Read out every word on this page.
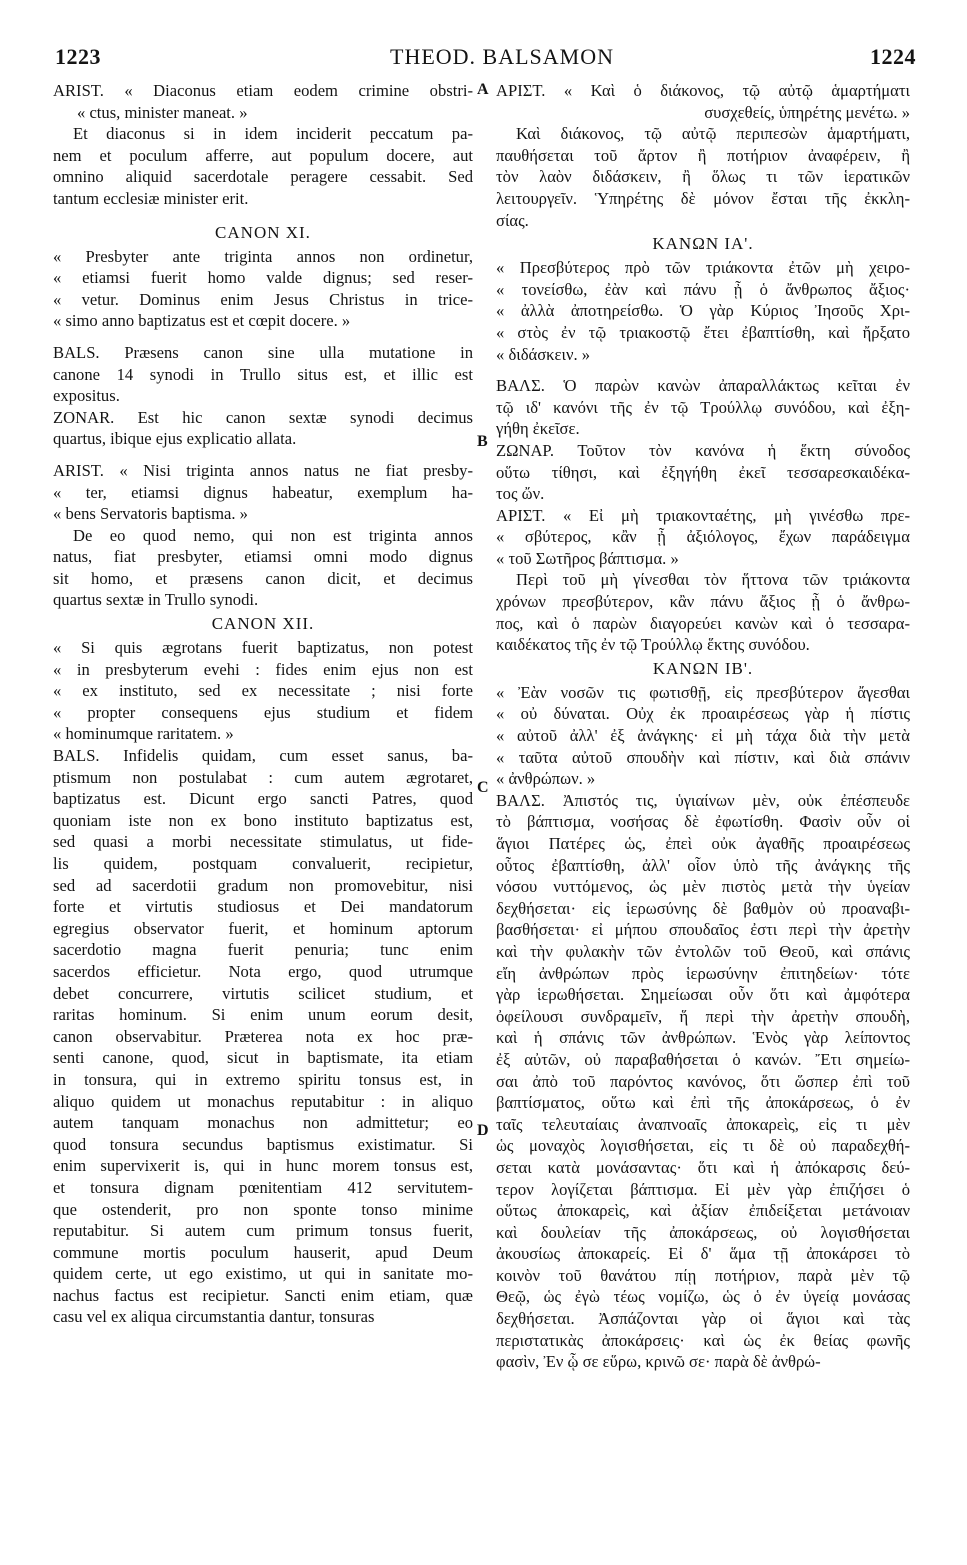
1223	THEOD. BALSAMON	1224
A
B
C
D
ARIST. « Diaconus etiam eodem crimine obstri-
« ctus, minister maneat. »
Et diaconus si in idem inciderit peccatum pa-
nem et poculum afferre, aut populum docere, aut
omnino aliquid sacerdotale peragere cessabit. Sed
tantum ecclesiæ minister erit.
CANON XI.
« Presbyter ante triginta annos non ordinetur,
« etiamsi fuerit homo valde dignus; sed reser-
« vetur. Dominus enim Jesus Christus in trice-
« simo anno baptizatus est et cœpit docere. »
BALS. Præsens canon sine ulla mutatione in
canone 14 synodi in Trullo situs est, et illic est
expositus.
ZONAR. Est hic canon sextæ synodi decimus
quartus, ibique ejus explicatio allata.
ARIST. « Nisi triginta annos natus ne fiat presby-
« ter, etiamsi dignus habeatur, exemplum ha-
« bens Servatoris baptisma. »
De eo quod nemo, qui non est triginta annos
natus, fiat presbyter, etiamsi omni modo dignus
sit homo, et præsens canon dicit, et decimus
quartus sextæ in Trullo synodi.
CANON XII.
« Si quis ægrotans fuerit baptizatus, non potest
« in presbyterum evehi : fides enim ejus non est
« ex instituto, sed ex necessitate ; nisi forte
« propter consequens ejus studium et fidem
« hominumque raritatem. »
BALS. Infidelis quidam, cum esset sanus, ba-
ptismum non postulabat : cum autem ægrotaret,
baptizatus est. Dicunt ergo sancti Patres, quod
quoniam iste non ex bono instituto baptizatus est,
sed quasi a morbi necessitate stimulatus, ut fide-
lis quidem, postquam convaluerit, recipietur,
sed ad sacerdotii gradum non promovebitur, nisi
forte et virtutis studiosus et Dei mandatorum
egregius observator fuerit, et hominum aptorum
sacerdotio magna fuerit penuria; tunc enim
sacerdos efficietur. Nota ergo, quod utrumque
debet concurrere, virtutis scilicet studium, et
raritas hominum. Si enim unum eorum desit,
canon observabitur. Præterea nota ex hoc præ-
senti canone, quod, sicut in baptismate, ita etiam
in tonsura, qui in extremo spiritu tonsus est, in
aliquo quidem ut monachus reputabitur : in aliquo
autem tanquam monachus non admittetur; eo
quod tonsura secundus baptismus existimatur. Si
enim supervixerit is, qui in hunc morem tonsus est,
et tonsura dignam pœnitentiam 412 servitutem-
que ostenderit, pro non sponte tonso minime
reputabitur. Si autem cum primum tonsus fuerit,
commune mortis poculum hauserit, apud Deum
quidem certe, ut ego existimo, ut qui in sanitate mo-
nachus factus est recipietur. Sancti enim etiam, quæ
casu vel ex aliqua circumstantia dantur, tonsuras
ΑΡΙΣΤ. « Καὶ ὁ διάκονος, τῷ αὐτῷ ἁμαρτήματι
συσχεθείς, ὑπηρέτης μενέτω. »
Καὶ διάκονος, τῷ αὐτῷ περιπεσὼν ἁμαρτήματι,
παυθήσεται τοῦ ἄρτον ἢ ποτήριον ἀναφέρειν, ἢ
τὸν λαὸν διδάσκειν, ἢ ὅλως τι τῶν ἱερατικῶν
λειτουργεῖν. Ὑπηρέτης δὲ μόνον ἔσται τῆς ἐκκλη-
σίας.
ΚΑΝΩΝ ΙΑ'.
« Πρεσβύτερος πρὸ τῶν τριάκοντα ἐτῶν μὴ χειρο-
« τονείσθω, ἐὰν καὶ πάνυ ᾖ ὁ ἄνθρωπος ἄξιος·
« ἀλλὰ ἀποτηρείσθω. Ὁ γὰρ Κύριος Ἰησοῦς Χρι-
« στὸς ἐν τῷ τριακοστῷ ἔτει ἐβαπτίσθη, καὶ ἤρξατο
« διδάσκειν. »
ΒΑΛΣ. Ὁ παρὼν κανὼν ἀπαραλλάκτως κεῖται ἐν
τῷ ιδ' κανόνι τῆς ἐν τῷ Τρούλλῳ συνόδου, καὶ ἐξη-
γήθη ἐκεῖσε.
ΖΩΝΑΡ. Τοῦτον τὸν κανόνα ἡ ἕκτη σύνοδος
οὕτω τίθησι, καὶ ἐξηγήθη ἐκεῖ τεσσαρεσκαιδέκα-
τος ὤν.
ΑΡΙΣΤ. « Εἰ μὴ τριακονταέτης, μὴ γινέσθω πρε-
« σβύτερος, κἂν ᾖ ἀξιόλογος, ἔχων παράδειγμα
« τοῦ Σωτῆρος βάπτισμα. »
Περὶ τοῦ μὴ γίνεσθαι τὸν ἥττονα τῶν τριάκοντα
χρόνων πρεσβύτερον, κἂν πάνυ ἄξιος ᾖ ὁ ἄνθρω-
πος, καὶ ὁ παρὼν διαγορεύει κανὼν καὶ ὁ τεσσαρα-
καιδέκατος τῆς ἐν τῷ Τρούλλῳ ἕκτης συνόδου.
ΚΑΝΩΝ ΙΒ'.
« Ἐὰν νοσῶν τις φωτισθῇ, εἰς πρεσβύτερον ἄγεσθαι
« οὐ δύναται. Οὐχ ἐκ προαιρέσεως γὰρ ἡ πίστις
« αὐτοῦ ἀλλ' ἐξ ἀνάγκης· εἰ μὴ τάχα διὰ τὴν μετὰ
« ταῦτα αὐτοῦ σπουδὴν καὶ πίστιν, καὶ διὰ σπάνιν
« ἀνθρώπων. »
ΒΑΛΣ. Ἀπιστός τις, ὑγιαίνων μὲν, οὐκ ἐπέσπευδε
τὸ βάπτισμα, νοσήσας δὲ ἐφωτίσθη. Φασὶν οὖν οἱ
ἅγιοι Πατέρες ὡς, ἐπεὶ οὐκ ἀγαθῆς προαιρέσεως
οὗτος ἐβαπτίσθη, ἀλλ' οἷον ὑπὸ τῆς ἀνάγκης τῆς
νόσου νυττόμενος, ὡς μὲν πιστὸς μετὰ τὴν ὑγείαν
δεχθήσεται· εἰς ἱερωσύνης δὲ βαθμὸν οὐ προαναβι-
βασθήσεται· εἰ μήπου σπουδαῖος ἐστι περὶ τὴν ἀρετὴν
καὶ τὴν φυλακὴν τῶν ἐντολῶν τοῦ Θεοῦ, καὶ σπάνις
εἴη ἀνθρώπων πρὸς ἱερωσύνην ἐπιτηδείων· τότε
γὰρ ἱερωθήσεται. Σημείωσαι οὖν ὅτι καὶ ἀμφότερα
ὀφείλουσι συνδραμεῖν, ἥ περὶ τὴν ἀρετὴν σπουδὴ,
καὶ ἡ σπάνις τῶν ἀνθρώπων. Ἑνὸς γὰρ λείποντος
ἐξ αὐτῶν, οὐ παραβαθήσεται ὁ κανών. Ἔτι σημείω-
σαι ἀπὸ τοῦ παρόντος κανόνος, ὅτι ὥσπερ ἐπὶ τοῦ
βαπτίσματος, οὕτω καὶ ἐπὶ τῆς ἀποκάρσεως, ὁ ἐν
ταῖς τελευταίαις ἀναπνοαῖς ἀποκαρεὶς, εἰς τι μὲν
ὡς μοναχὸς λογισθήσεται, εἰς τι δὲ οὐ παραδεχθή-
σεται κατὰ μονάσαντας· ὅτι καὶ ἡ ἀπόκαρσις δεύ-
τερον λογίζεται βάπτισμα. Εἰ μὲν γὰρ ἐπιζήσει ὁ
οὕτως ἀποκαρεὶς, καὶ ἀξίαν ἐπιδείξεται μετάνοιαν
καὶ δουλείαν τῆς ἀποκάρσεως, οὐ λογισθήσεται
ἀκουσίως ἀποκαρείς. Εἰ δ' ἅμα τῇ ἀποκάρσει τὸ
κοινὸν τοῦ θανάτου πίῃ ποτήριον, παρὰ μὲν τῷ
Θεῷ, ὡς ἐγὼ τέως νομίζω, ὡς ὁ ἐν ὑγείᾳ μονάσας
δεχθήσεται. Ἀσπάζονται γὰρ οἱ ἅγιοι καὶ τὰς
περιστατικὰς ἀποκάρσεις· καὶ ὡς ἐκ θείας φωνῆς
φασὶν, Ἐν ᾧ σε εὕρω, κρινῶ σε· παρὰ δὲ ἀνθρώ-
